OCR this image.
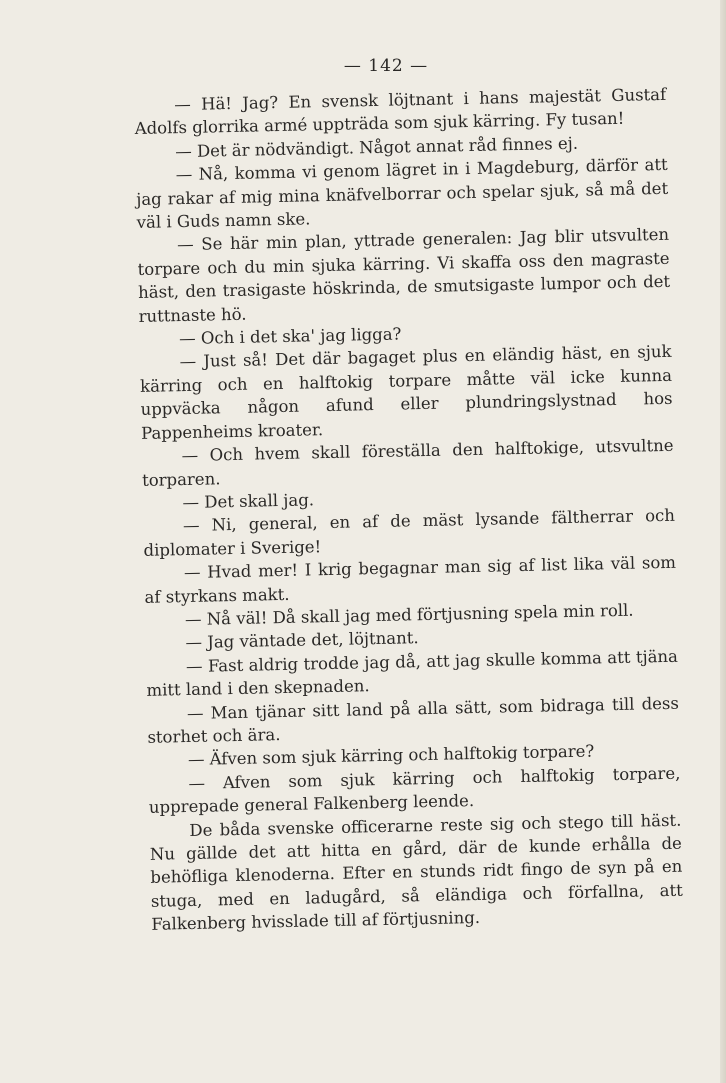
— 142 —

— Hä! Jag? En svensk löjtnant i hans majestät Gustaf Adolfs glorrika armé uppträda som sjuk kärring. Fy tusan!

— Det är nödvändigt. Något annat råd finnes ej.

— Nå, komma vi genom lägret in i Magdeburg, därför att jag rakar af mig mina knäfvelborrar och spelar sjuk, så må det väl i Guds namn ske.

— Se här min plan, yttrade generalen: Jag blir utsvulten torpare och du min sjuka kärring. Vi skaffa oss den magraste häst, den trasigaste höskrinda, de smutsigaste lumpor och det ruttnaste hö.

— Och i det ska' jag ligga?

— Just så! Det där bagaget plus en eländig häst, en sjuk kärring och en halftokig torpare måtte väl icke kunna uppväcka någon afund eller plundringslystnad hos Pappenheims kroater.

— Och hvem skall föreställa den halftokige, utsvultne torparen.

— Det skall jag.

— Ni, general, en af de mäst lysande fältherrar och diplomater i Sverige!

— Hvad mer! I krig begagnar man sig af list lika väl som af styrkans makt.

— Nå väl! Då skall jag med förtjusning spela min roll.

— Jag väntade det, löjtnant.

— Fast aldrig trodde jag då, att jag skulle komma att tjäna mitt land i den skepnaden.

— Man tjänar sitt land på alla sätt, som bidraga till dess storhet och ära.

— Äfven som sjuk kärring och halftokig torpare?

— Afven som sjuk kärring och halftokig torpare, upprepade general Falkenberg leende.

De båda svenske officerarne reste sig och stego till häst. Nu gällde det att hitta en gård, där de kunde erhålla de behöfliga klenoderna. Efter en stunds ridt fingo de syn på en stuga, med en ladugård, så eländiga och förfallna, att Falkenberg hvisslade till af förtjusning.
